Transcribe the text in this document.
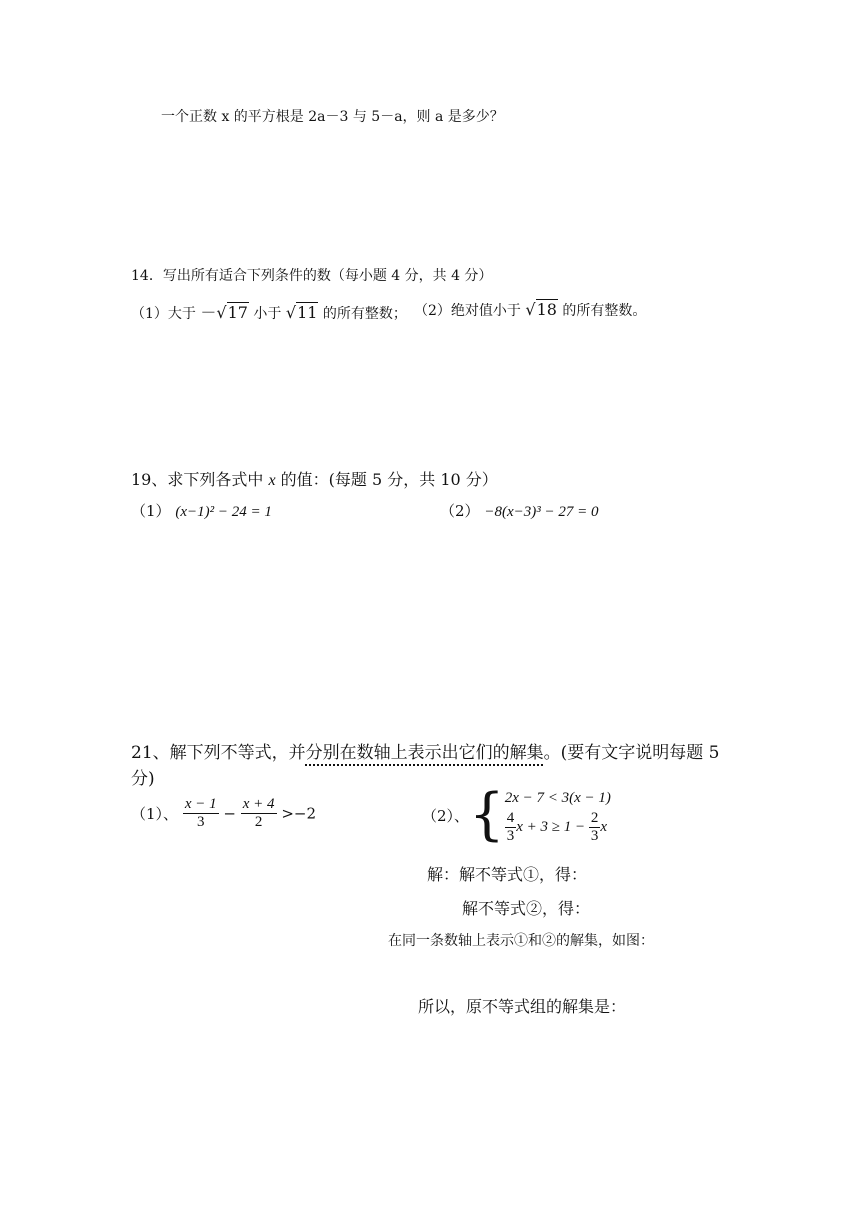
一个正数 x 的平方根是 2a－3 与 5－a，则 a 是多少？
14．写出所有适合下列条件的数（每小题 4 分，共 4 分）
（1）大于 －√17 小于 √11 的所有整数； （2）绝对值小于 √18 的所有整数。
19、求下列各式中 x 的值：(每题 5 分，共 10 分）
（1） (x−1)² − 24 = 1	（2） −8(x−3)³ − 27 = 0
21、解下列不等式，并分别在数轴上表示出它们的解集。(要有文字说明每题 5
分)
（1）、 $\frac{x - 1}{3} - \frac{x + 4}{2} >-2$	（2）、{ 2x − 7 < 3(x − 1)
$\frac{4}{3}$ $x + 3 \ge 1 - \frac{2}{3}$ x
解：解不等式①，得：
解不等式②，得：
在同一条数轴上表示①和②的解集，如图：
所以，原不等式组的解集是：
